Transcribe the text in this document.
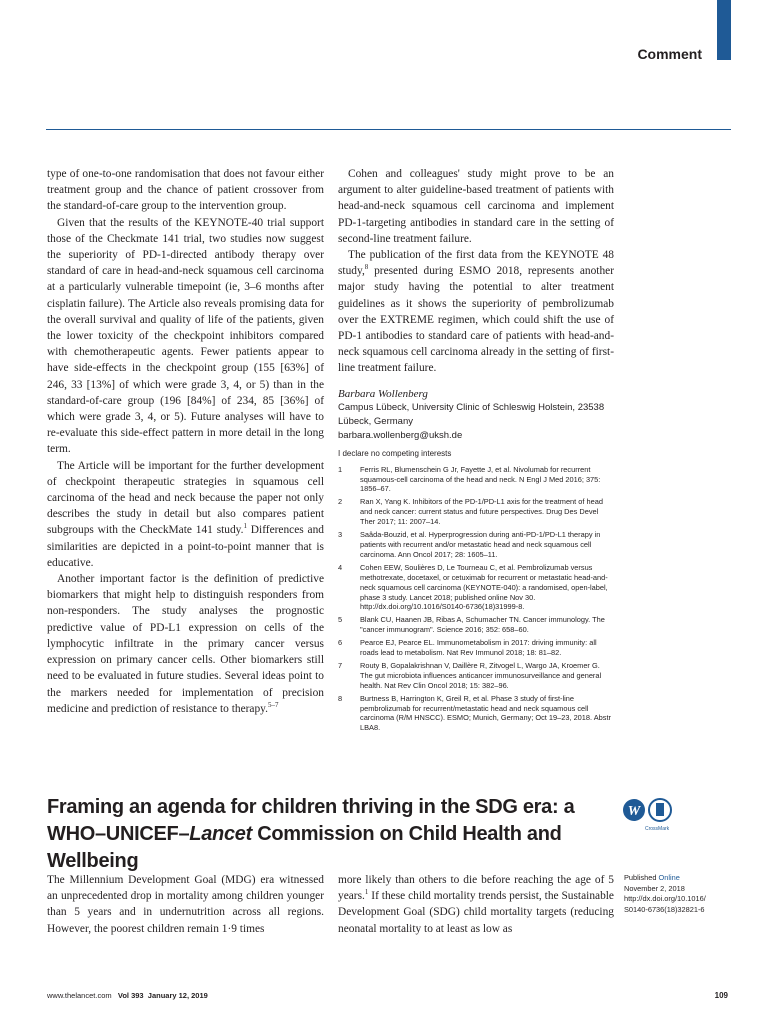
Comment

type of one-to-one randomisation that does not favour either treatment group and the chance of patient crossover from the standard-of-care group to the intervention group.

Given that the results of the KEYNOTE-40 trial support those of the Checkmate 141 trial, two studies now suggest the superiority of PD-1-directed antibody therapy over standard of care in head-and-neck squamous cell carcinoma at a particularly vulnerable timepoint (ie, 3–6 months after cisplatin failure). The Article also reveals promising data for the overall survival and quality of life of the patients, given the lower toxicity of the checkpoint inhibitors compared with chemotherapeutic agents. Fewer patients appear to have side-effects in the checkpoint group (155 [63%] of 246, 33 [13%] of which were grade 3, 4, or 5) than in the standard-of-care group (196 [84%] of 234, 85 [36%] of which were grade 3, 4, or 5). Future analyses will have to re-evaluate this side-effect pattern in more detail in the long term.

The Article will be important for the further development of checkpoint therapeutic strategies in squamous cell carcinoma of the head and neck because the paper not only describes the study in detail but also compares patient subgroups with the CheckMate 141 study.$^1$ Differences and similarities are depicted in a point-to-point manner that is educative.

Another important factor is the definition of predictive biomarkers that might help to distinguish responders from non-responders. The study analyses the prognostic predictive value of PD-L1 expression on cells of the lymphocytic infiltrate in the primary cancer versus expression on primary cancer cells. Other biomarkers still need to be evaluated in future studies. Several ideas point to the markers needed for implementation of precision medicine and prediction of resistance to therapy.$^{5-7}$

Cohen and colleagues' study might prove to be an argument to alter guideline-based treatment of patients with head-and-neck squamous cell carcinoma and implement PD-1-targeting antibodies in standard care in the setting of second-line treatment failure.

The publication of the first data from the KEYNOTE 48 study,$^8$ presented during ESMO 2018, represents another major study having the potential to alter treatment guidelines as it shows the superiority of pembrolizumab over the EXTREME regimen, which could shift the use of PD-1 antibodies to standard care of patients with head-and-neck squamous cell carcinoma already in the setting of first-line treatment failure.

Barbara Wollenberg
Campus Lübeck, University Clinic of Schleswig Holstein, 23538
Lübeck, Germany
barbara.wollenberg@uksh.de
I declare no competing interests
1	Ferris RL, Blumenschein G Jr, Fayette J, et al. Nivolumab for recurrent squamous-cell carcinoma of the head and neck. N Engl J Med 2016; 375: 1856–67.
2	Ran X, Yang K. Inhibitors of the PD-1/PD-L1 axis for the treatment of head and neck cancer: current status and future perspectives. Drug Des Devel Ther 2017; 11: 2007–14.
3	Saâda-Bouzid, et al. Hyperprogression during anti-PD-1/PD-L1 therapy in patients with recurrent and/or metastatic head and neck squamous cell carcinoma. Ann Oncol 2017; 28: 1605–11.
4	Cohen EEW, Soulières D, Le Tourneau C, et al. Pembrolizumab versus methotrexate, docetaxel, or cetuximab for recurrent or metastatic head-and-neck squamous cell carcinoma (KEYNOTE-040): a randomised, open-label, phase 3 study. Lancet 2018; published online Nov 30. http://dx.doi.org/10.1016/S0140-6736(18)31999-8.
5	Blank CU, Haanen JB, Ribas A, Schumacher TN. Cancer immunology. The "cancer immunogram". Science 2016; 352: 658–60.
6	Pearce EJ, Pearce EL. Immunometabolism in 2017: driving immunity: all roads lead to metabolism. Nat Rev Immunol 2018; 18: 81–82.
7	Routy B, Gopalakrishnan V, Daillère R, Zitvogel L, Wargo JA, Kroemer G. The gut microbiota influences anticancer immunosurveillance and general health. Nat Rev Clin Oncol 2018; 15: 382–96.
8	Burtness B, Harrington K, Greil R, et al. Phase 3 study of first-line pembrolizumab for recurrent/metastatic head and neck squamous cell carcinoma (R/M HNSCC). ESMO; Munich, Germany; Oct 19–23, 2018. Abstr LBA8.
Framing an agenda for children thriving in the SDG era: a WHO–UNICEF–Lancet Commission on Child Health and Wellbeing
W
CrossMark

The Millennium Development Goal (MDG) era witnessed an unprecedented drop in mortality among children younger than 5 years and in undernutrition across all regions. However, the poorest children remain 1·9 times

more likely than others to die before reaching the age of 5 years.$^1$ If these child mortality trends persist, the Sustainable Development Goal (SDG) child mortality targets (reducing neonatal mortality to at least as low as

Published Online
November 2, 2018
http://dx.doi.org/10.1016/
S0140-6736(18)32821-6
www.thelancet.com Vol 393 January 12, 2019	109
